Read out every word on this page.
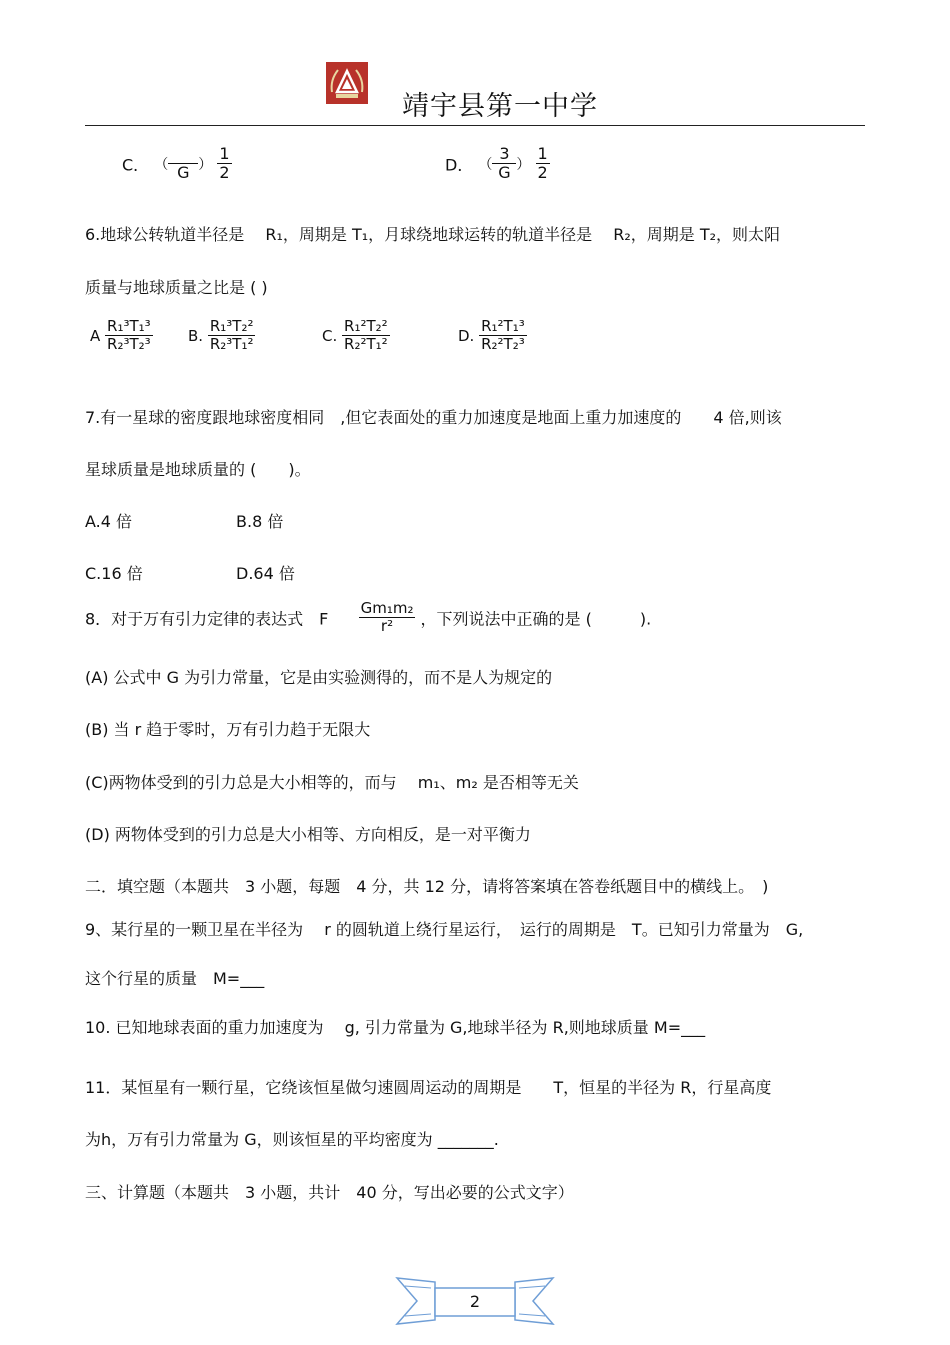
靖宇县第一中学
C． （ G ） $\frac{1}{2}$	D． （ $\frac{3}{G}$ ） $\frac{1}{2}$
6.地球公转轨道半径是　 R₁，周期是 T₁，月球绕地球运转的轨道半径是　 R₂，周期是 T₂，则太阳
质量与地球质量之比是 ( )
A $\frac{\text{R₁³T₁³}}{\text{R₂³T₂³}} B$. $\frac{\text{R₁³T₂²}}{\text{R₂³T₁²}}$	C. $\frac{\text{R₁²T₂²}}{\text{R₂²T₁²}}$	D. $\frac{\text{R₁²T₁³}}{\text{R₂²T₂³}}$
7.有一星球的密度跟地球密度相同　,但它表面处的重力加速度是地面上重力加速度的　　4 倍,则该
星球质量是地球质量的 (　　)。
A.4 倍	B.8 倍
C.16 倍	D.64 倍
8．对于万有引力定律的表达式　F $\frac{\text{Gm₁m₂}}{\text{r²}}$ ，下列说法中正确的是 (　　　).
(A) 公式中 G 为引力常量，它是由实验测得的，而不是人为规定的
(B) 当 r 趋于零时，万有引力趋于无限大
(C)两物体受到的引力总是大小相等的，而与　 m₁、m₂ 是否相等无关
(D) 两物体受到的引力总是大小相等、方向相反，是一对平衡力
二．填空题（本题共　3 小题，每题　4 分，共 12 分，请将答案填在答卷纸题目中的横线上。　)
9、某行星的一颗卫星在半径为　 r 的圆轨道上绕行星运行，　运行的周期是　T。已知引力常量为　G,
这个行星的质量　M=___
10. 已知地球表面的重力加速度为　 g, 引力常量为 G,地球半径为 R,则地球质量 M=___
11．某恒星有一颗行星，它绕该恒星做匀速圆周运动的周期是　　T，恒星的半径为 R，行星高度
为h，万有引力常量为 G，则该恒星的平均密度为 _______.
三、计算题（本题共　3 小题，共计　40 分，写出必要的公式文字）
2
